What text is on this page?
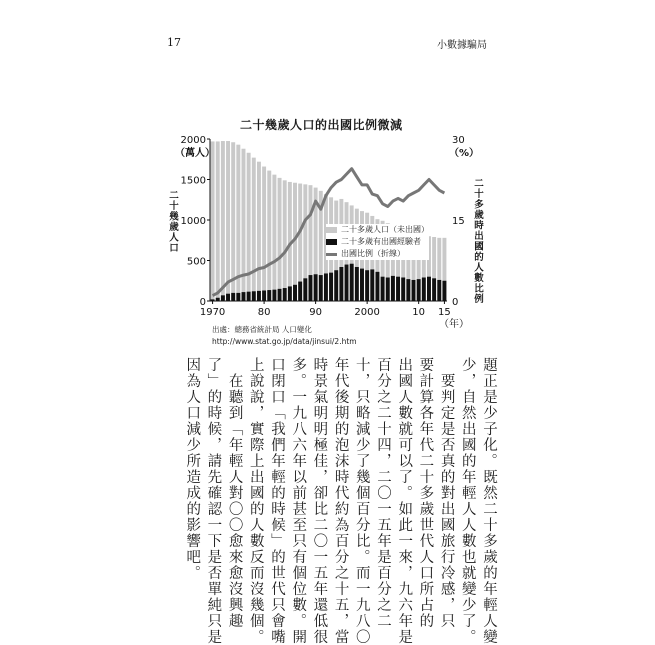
17	小數據騙局
二十幾歲人口的出國比例微減
2000
1500
1000
500
0
30
15
0
（萬人）	（%）
1970	80	90	2000	10 15
（年）
二十幾歲人口	二十多歲時出國的人數比例
二十多歲人口（未出國）
二十多歲有出國經驗者
出國比例（折線）
出處：總務省統計局 人口變化
http://www.stat.go.jp/data/jinsui/2.htm
題正是少子化。既然二十多歲的年輕人變
少，自然出國的年輕人人數也就變少了。
　要判定是否真的對出國旅行冷感，只
要計算各年代二十多歲世代人口所占的
出國人數就可以了。如此一來，九六年是
百分之二十四，二〇一五年是百分之二
十，只略減少了幾個百分比。而一九八〇
年代後期的泡沫時代約為百分之十五，當
時景氣明明極佳，卻比二〇一五年還低很
多。一九八六年以前甚至只有個位數。開
口閉口「我們年輕的時候」的世代只會嘴
上說說，實際上出國的人數反而沒幾個。
　在聽到「年輕人對〇〇愈來愈沒興趣
了」的時候，請先確認一下是否單純只是
因為人口減少所造成的影響吧。
